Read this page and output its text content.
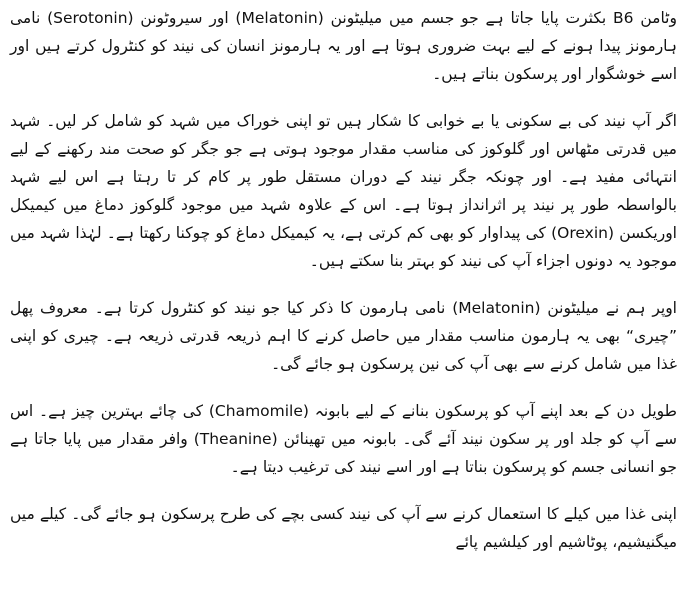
وٹامن B6 بکثرت پایا جاتا ہے جو جسم میں میلیٹونن (Melatonin) اور سیروٹونن (Serotonin) نامی ہارمونز پیدا ہونے کے لیے بہت ضروری ہوتا ہے اور یہ ہارمونز انسان کی نیند کو کنٹرول کرتے ہیں اور اسے خوشگوار اور پرسکون بناتے ہیں۔

اگر آپ نیند کی بے سکونی یا بے خوابی کا شکار ہیں تو اپنی خوراک میں شہد کو شامل کر لیں۔ شہد میں قدرتی مٹھاس اور گلوکوز کی مناسب مقدار موجود ہوتی ہے جو جگر کو صحت مند رکھنے کے لیے انتہائی مفید ہے۔ اور چونکہ جگر نیند کے دوران مستقل طور پر کام کر تا رہتا ہے اس لیے شہد بالواسطہ طور پر نیند پر اثرانداز ہوتا ہے۔ اس کے علاوہ شہد میں موجود گلوکوز دماغ میں کیمیکل اوریکسن (Orexin) کی پیداوار کو بھی کم کرتی ہے، یہ کیمیکل دماغ کو چوکنا رکھتا ہے۔ لہٰذا شہد میں موجود یہ دونوں اجزاء آپ کی نیند کو بہتر بنا سکتے ہیں۔

اوپر ہم نے میلیٹونن (Melatonin) نامی ہارمون کا ذکر کیا جو نیند کو کنٹرول کرتا ہے۔ معروف پھل ”چیری“ بھی یہ ہارمون مناسب مقدار میں حاصل کرنے کا اہم ذریعہ قدرتی ذریعہ ہے۔ چیری کو اپنی غذا میں شامل کرنے سے بھی آپ کی نین پرسکون ہو جائے گی۔

طویل دن کے بعد اپنے آپ کو پرسکون بنانے کے لیے بابونہ (Chamomile) کی چائے بہترین چیز ہے۔ اس سے آپ کو جلد اور پر سکون نیند آئے گی۔ بابونہ میں تھینائن (Theanine) وافر مقدار میں پایا جاتا ہے جو انسانی جسم کو پرسکون بناتا ہے اور اسے نیند کی ترغیب دیتا ہے۔

اپنی غذا میں کیلے کا استعمال کرنے سے آپ کی نیند کسی بچے کی طرح پرسکون ہو جائے گی۔ کیلے میں میگنیشیم، پوٹاشیم اور کیلشیم پائے
